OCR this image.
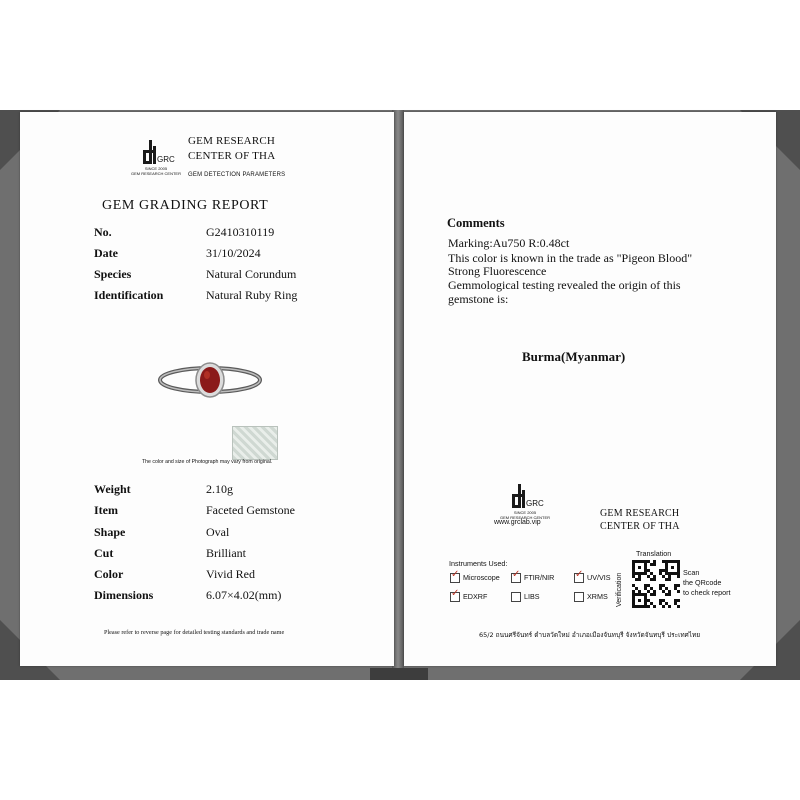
GRC
SINCE 2005
GEM RESEARCH CENTER
GEM RESEARCH
CENTER OF THA
GEM DETECTION PARAMETERS
GEM GRADING REPORT
No.	G2410310119
Date	31/10/2024
Species	Natural Corundum
Identification	Natural Ruby Ring
The color and size of Photograph may vary from original.
Weight	2.10g
Item	Faceted Gemstone
Shape	Oval
Cut	Brilliant
Color	Vivid Red
Dimensions	6.07×4.02(mm)
Please refer to reverse page for detailed testing standards and trade name
Comments
Marking:Au750 R:0.48ct
This color is known in the trade as "Pigeon Blood"
Strong Fluorescence
Gemmological testing revealed the origin of this
gemstone is:
Burma(Myanmar)
GRC
SINCE 2005
GEM RESEARCH CENTER
www.grclab.vip
GEM RESEARCH
CENTER OF THA
Instruments Used:
✓ Microscope ✓ FTIR/NIR ✓ UV/VIS
✓ EDXRF	LIBS	XRMS
Translation
Verification
Scan
the QRcode
to check report
65/2 ถนนศรีจันทร์ ตำบลวัดใหม่ อำเภอเมืองจันทบุรี จังหวัดจันทบุรี ประเทศไทย
